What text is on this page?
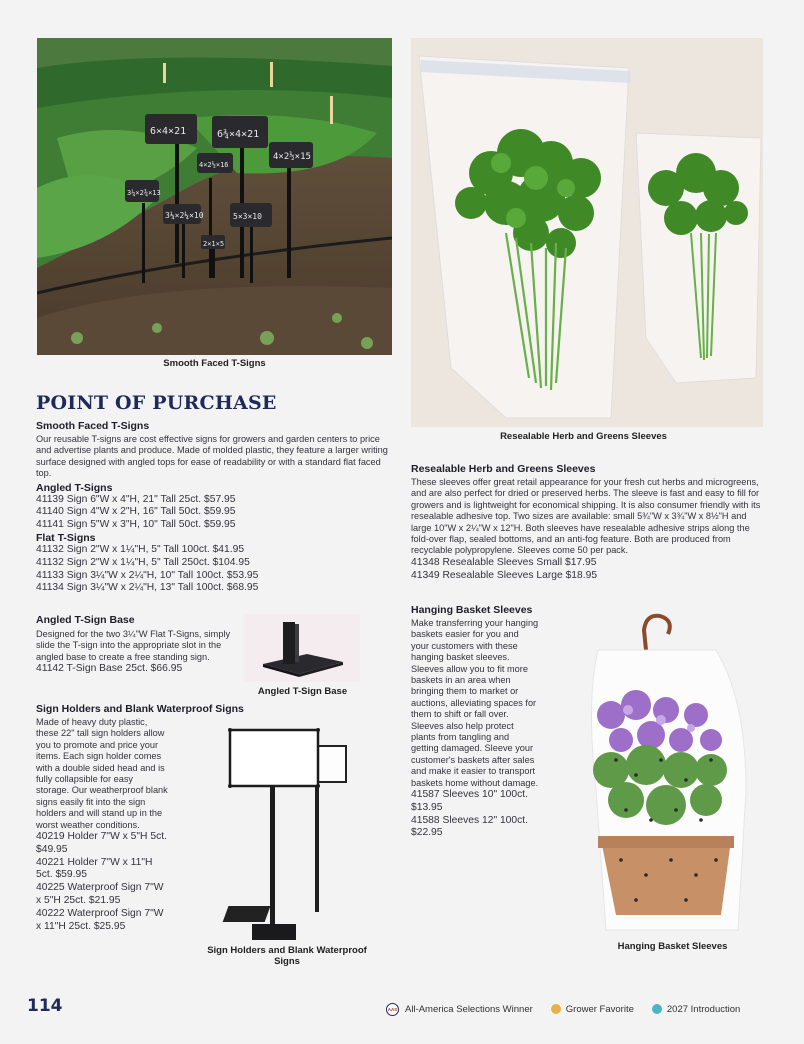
6×4×21	6¾×4×21
4×2½×15
4×2½×16
3¼×2¾×13
3¼×2¼×10	5×3×10
2×1×5
Smooth Faced T-Signs
Resealable Herb and Greens Sleeves
POINT OF PURCHASE
Smooth Faced T-Signs
Our reusable T-signs are cost effective signs for growers and garden centers to price and advertise plants and produce. Made of molded plastic, they feature a larger writing surface designed with angled tops for ease of readability or with a standard flat faced top.
Angled T-Signs
41139 Sign 6"W x 4"H, 21" Tall 25ct. $57.95
41140 Sign 4"W x 2"H, 16" Tall 50ct. $59.95
41141 Sign 5"W x 3"H, 10" Tall 50ct. $59.95
Flat T-Signs
41132 Sign 2"W x 1¼"H, 5" Tall 100ct. $41.95
41132 Sign 2"W x 1¼"H, 5" Tall 250ct. $104.95
41133 Sign 3¼"W x 2¼"H, 10" Tall 100ct. $53.95
41134 Sign 3¼"W x 2¼"H, 13" Tall 100ct. $68.95
Angled T-Sign Base
Designed for the two 3¼"W Flat T-Signs, simply slide the T-sign into the appropriate slot in the angled base to create a free standing sign.
41142 T-Sign Base 25ct. $66.95
Angled T-Sign Base
Sign Holders and Blank Waterproof Signs
Made of heavy duty plastic, these 22" tall sign holders allow you to promote and price your items. Each sign holder comes with a double sided head and is fully collapsible for easy storage. Our weatherproof blank signs easily fit into the sign holders and will stand up in the worst weather conditions.
40219 Holder 7"W x 5"H 5ct. $49.95
40221 Holder 7"W x 11"H 5ct. $59.95
40225 Waterproof Sign 7"W x 5"H 25ct. $21.95
40222 Waterproof Sign 7"W x 11"H 25ct. $25.95
Sign Holders and Blank Waterproof Signs
Resealable Herb and Greens Sleeves
These sleeves offer great retail appearance for your fresh cut herbs and microgreens, and are also perfect for dried or preserved herbs. The sleeve is fast and easy to fill for growers and is lightweight for economical shipping. It is also consumer friendly with its resealable adhesive top. Two sizes are available: small 5¾"W x 3¾"W x 8½"H and large 10"W x 2¼"W x 12"H. Both sleeves have resealable adhesive strips along the fold-over flap, sealed bottoms, and an anti-fog feature. Both are produced from recyclable polypropylene. Sleeves come 50 per pack.
41348 Resealable Sleeves Small $17.95
41349 Resealable Sleeves Large $18.95
Hanging Basket Sleeves
Make transferring your hanging baskets easier for you and your customers with these hanging basket sleeves. Sleeves allow you to fit more baskets in an area when bringing them to market or auctions, alleviating spaces for them to shift or fall over. Sleeves also help protect plants from tangling and getting damaged. Sleeve your customer's baskets after sales and make it easier to transport baskets home without damage.
41587 Sleeves 10" 100ct. $13.95
41588 Sleeves 12" 100ct. $22.95
Hanging Basket Sleeves
114	AAS All-America Selections Winner	Grower Favorite	2027 Introduction
